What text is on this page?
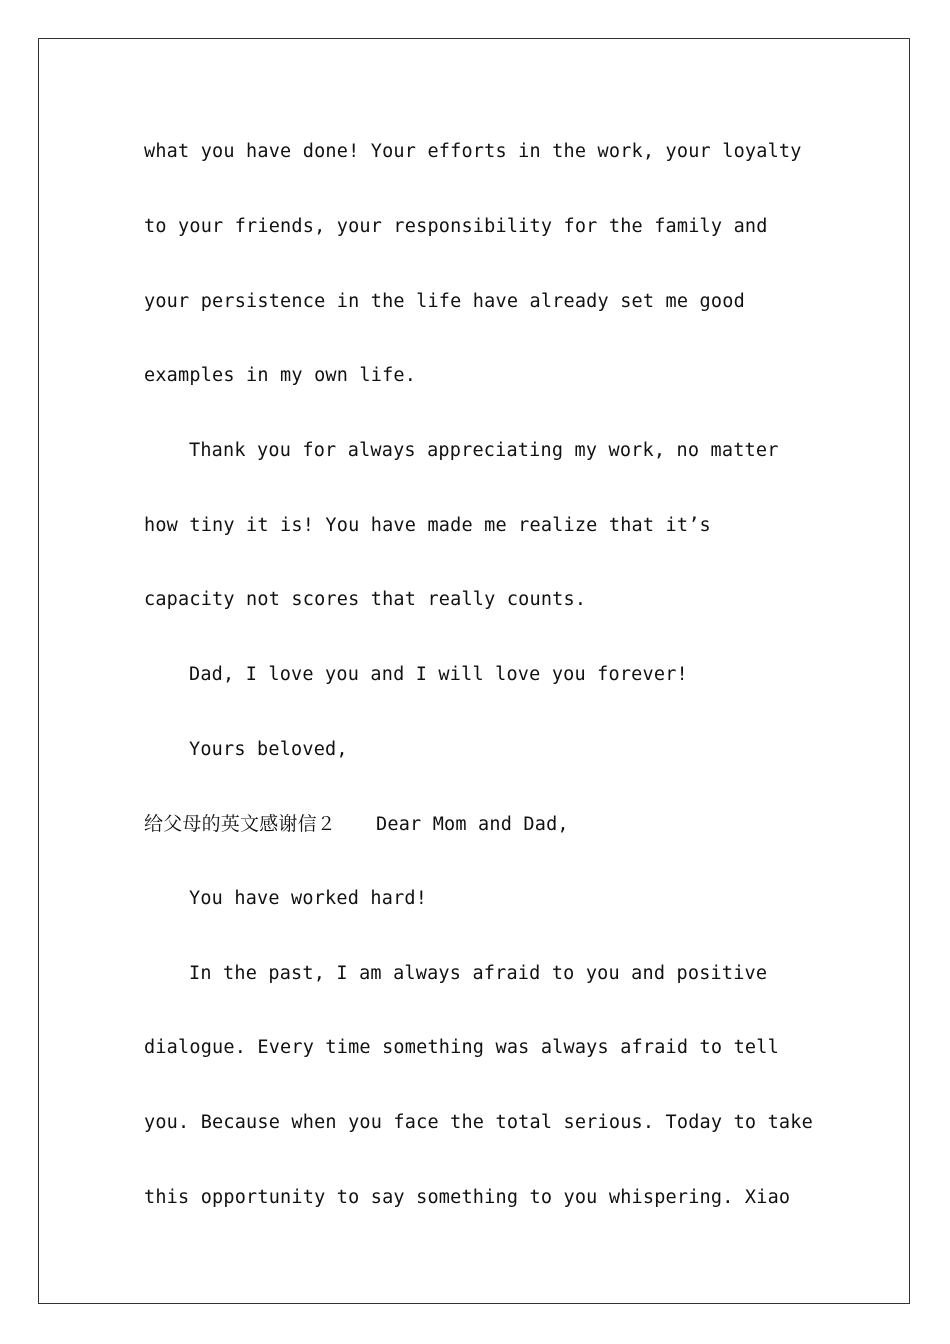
what you have done! Your efforts in the work, your loyalty

to your friends, your responsibility for the family and

your persistence in the life have already set me good

examples in my own life.

Thank you for always appreciating my work, no matter

how tiny it is! You have made me realize that it’s

capacity not scores that really counts.

Dad, I love you and I will love you forever!

Yours beloved,

给父母的英文感谢信２ Dear Mom and Dad,

You have worked hard!

In the past, I am always afraid to you and positive

dialogue. Every time something was always afraid to tell

you. Because when you face the total serious. Today to take

this opportunity to say something to you whispering. Xiao
